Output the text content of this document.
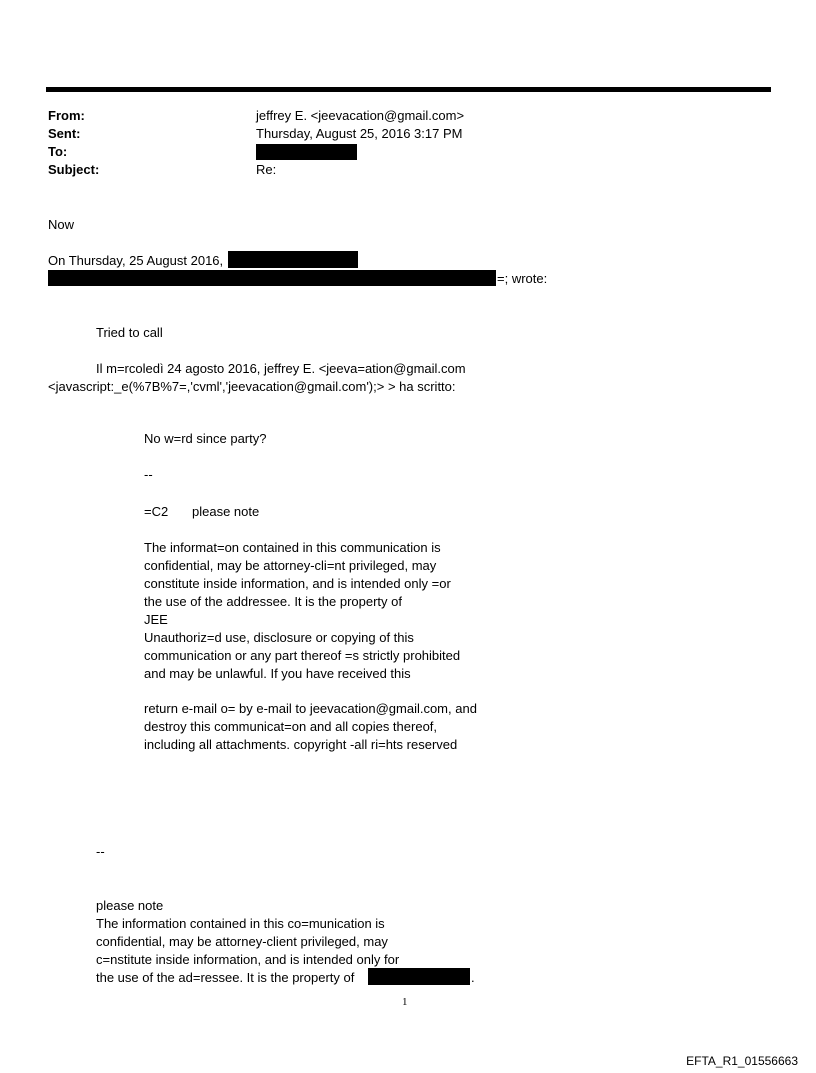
From:	jeffrey E. <jeevacation@gmail.com>
Sent:	Thursday, August 25, 2016 3:17 PM
To:
Subject:	Re:
Now
On Thursday, 25 August 2016,
=; wrote:
Tried to call
Il m=rcoledì 24 agosto 2016, jeffrey E. <jeeva=ation@gmail.com
<javascript:_e(%7B%7=,'cvml','jeevacation@gmail.com');> > ha scritto:
No w=rd since party?
--
=C2 please note
The informat=on contained in this communication is
confidential, may be attorney-cli=nt privileged, may
constitute inside information, and is intended only =or
the use of the addressee. It is the property of
JEE
Unauthoriz=d use, disclosure or copying of this
communication or any part thereof =s strictly prohibited
and may be unlawful. If you have received this
return e-mail o= by e-mail to jeevacation@gmail.com, and
destroy this communicat=on and all copies thereof,
including all attachments. copyright -all ri=hts reserved
--
please note
The information contained in this co=munication is
confidential, may be attorney-client privileged, may
c=nstitute inside information, and is intended only for
the use of the ad=ressee. It is the property of	.
1
EFTA_R1_01556663
